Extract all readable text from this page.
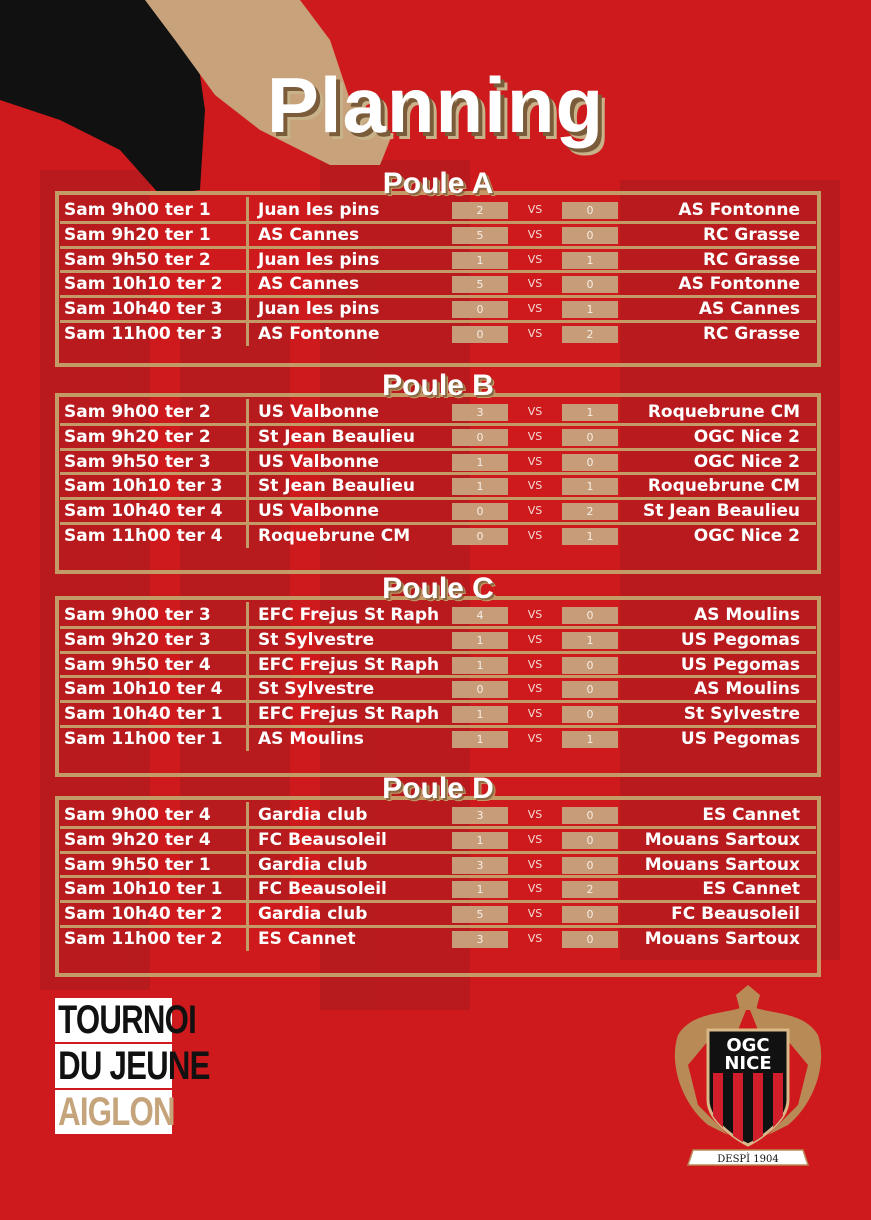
Planning
Poule A
Sam 9h00 ter 1	Juan les pins	2	VS	0	AS Fontonne
Sam 9h20 ter 1	AS Cannes	5	VS	0	RC Grasse
Sam 9h50 ter 2	Juan les pins	1	VS	1	RC Grasse
Sam 10h10 ter 2	AS Cannes	5	VS	0	AS Fontonne
Sam 10h40 ter 3	Juan les pins	0	VS	1	AS Cannes
Sam 11h00 ter 3	AS Fontonne	0	VS	2	RC Grasse
Poule B
Sam 9h00 ter 2	US Valbonne	3	VS	1	Roquebrune CM
Sam 9h20 ter 2	St Jean Beaulieu	0	VS	0	OGC Nice 2
Sam 9h50 ter 3	US Valbonne	1	VS	0	OGC Nice 2
Sam 10h10 ter 3	St Jean Beaulieu	1	VS	1	Roquebrune CM
Sam 10h40 ter 4	US Valbonne	0	VS	2	St Jean Beaulieu
Sam 11h00 ter 4	Roquebrune CM	0	VS	1	OGC Nice 2
Poule C
Sam 9h00 ter 3	EFC Frejus St Raph	4	VS	0	AS Moulins
Sam 9h20 ter 3	St Sylvestre	1	VS	1	US Pegomas
Sam 9h50 ter 4	EFC Frejus St Raph	1	VS	0	US Pegomas
Sam 10h10 ter 4	St Sylvestre	0	VS	0	AS Moulins
Sam 10h40 ter 1	EFC Frejus St Raph	1	VS	0	St Sylvestre
Sam 11h00 ter 1	AS Moulins	1	VS	1	US Pegomas
Poule D
Sam 9h00 ter 4	Gardia club	3	VS	0	ES Cannet
Sam 9h20 ter 4	FC Beausoleil	1	VS	0	Mouans Sartoux
Sam 9h50 ter 1	Gardia club	3	VS	0	Mouans Sartoux
Sam 10h10 ter 1	FC Beausoleil	1	VS	2	ES Cannet
Sam 10h40 ter 2	Gardia club	5	VS	0	FC Beausoleil
Sam 11h00 ter 2	ES Cannet	3	VS	0	Mouans Sartoux
TOURNOI
DU JEUNE
AIGLON
OGC
NICE
DESPÌ 1904
